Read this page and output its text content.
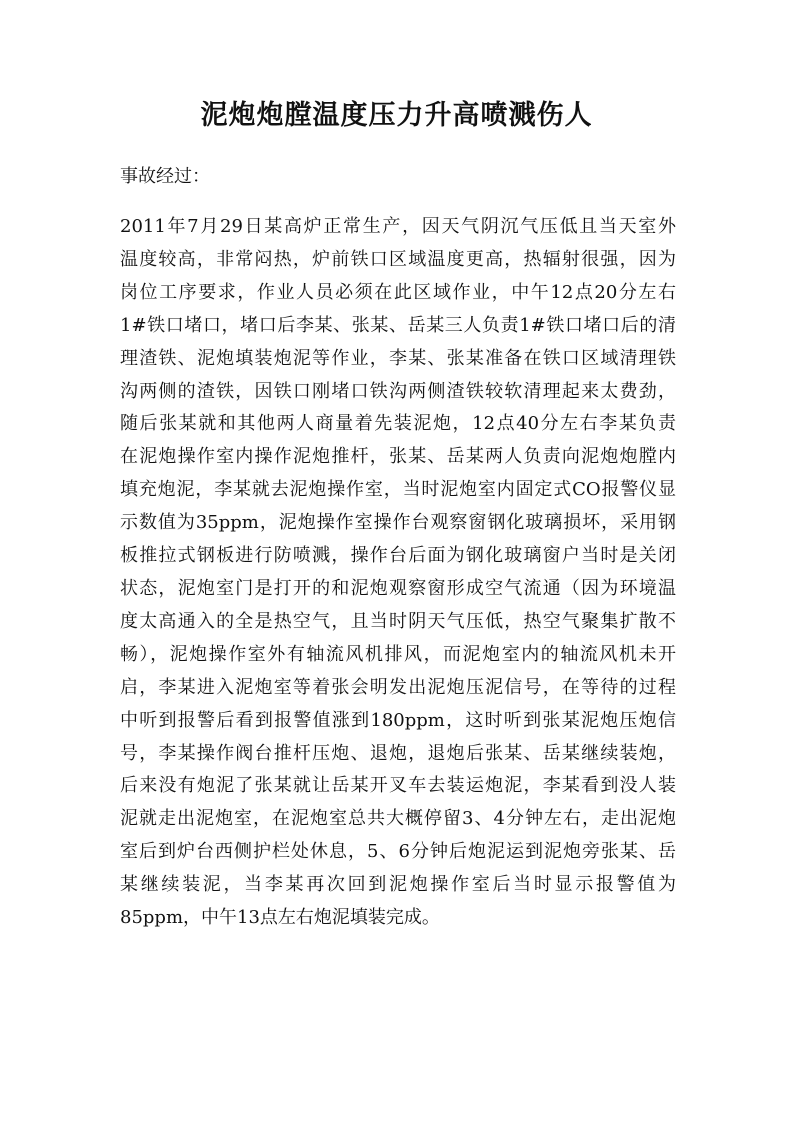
泥炮炮膛温度压力升高喷溅伤人

事故经过：

2011年7月29日某高炉正常生产，因天气阴沉气压低且当天室外
温度较高，非常闷热，炉前铁口区域温度更高，热辐射很强，因为
岗位工序要求，作业人员必须在此区域作业，中午12点20分左右
1#铁口堵口，堵口后李某、张某、岳某三人负责1#铁口堵口后的清
理渣铁、泥炮填装炮泥等作业，李某、张某准备在铁口区域清理铁
沟两侧的渣铁，因铁口刚堵口铁沟两侧渣铁较软清理起来太费劲，
随后张某就和其他两人商量着先装泥炮，12点40分左右李某负责
在泥炮操作室内操作泥炮推杆，张某、岳某两人负责向泥炮炮膛内
填充炮泥，李某就去泥炮操作室，当时泥炮室内固定式CO报警仪显
示数值为35ppm，泥炮操作室操作台观察窗钢化玻璃损坏，采用钢
板推拉式钢板进行防喷溅，操作台后面为钢化玻璃窗户当时是关闭
状态，泥炮室门是打开的和泥炮观察窗形成空气流通（因为环境温
度太高通入的全是热空气，且当时阴天气压低，热空气聚集扩散不
畅），泥炮操作室外有轴流风机排风，而泥炮室内的轴流风机未开
启，李某进入泥炮室等着张会明发出泥炮压泥信号，在等待的过程
中听到报警后看到报警值涨到180ppm，这时听到张某泥炮压炮信
号，李某操作阀台推杆压炮、退炮，退炮后张某、岳某继续装炮，
后来没有炮泥了张某就让岳某开叉车去装运炮泥，李某看到没人装
泥就走出泥炮室，在泥炮室总共大概停留3、4分钟左右，走出泥炮
室后到炉台西侧护栏处休息，5、6分钟后炮泥运到泥炮旁张某、岳
某继续装泥，当李某再次回到泥炮操作室后当时显示报警值为
85ppm，中午13点左右炮泥填装完成。
